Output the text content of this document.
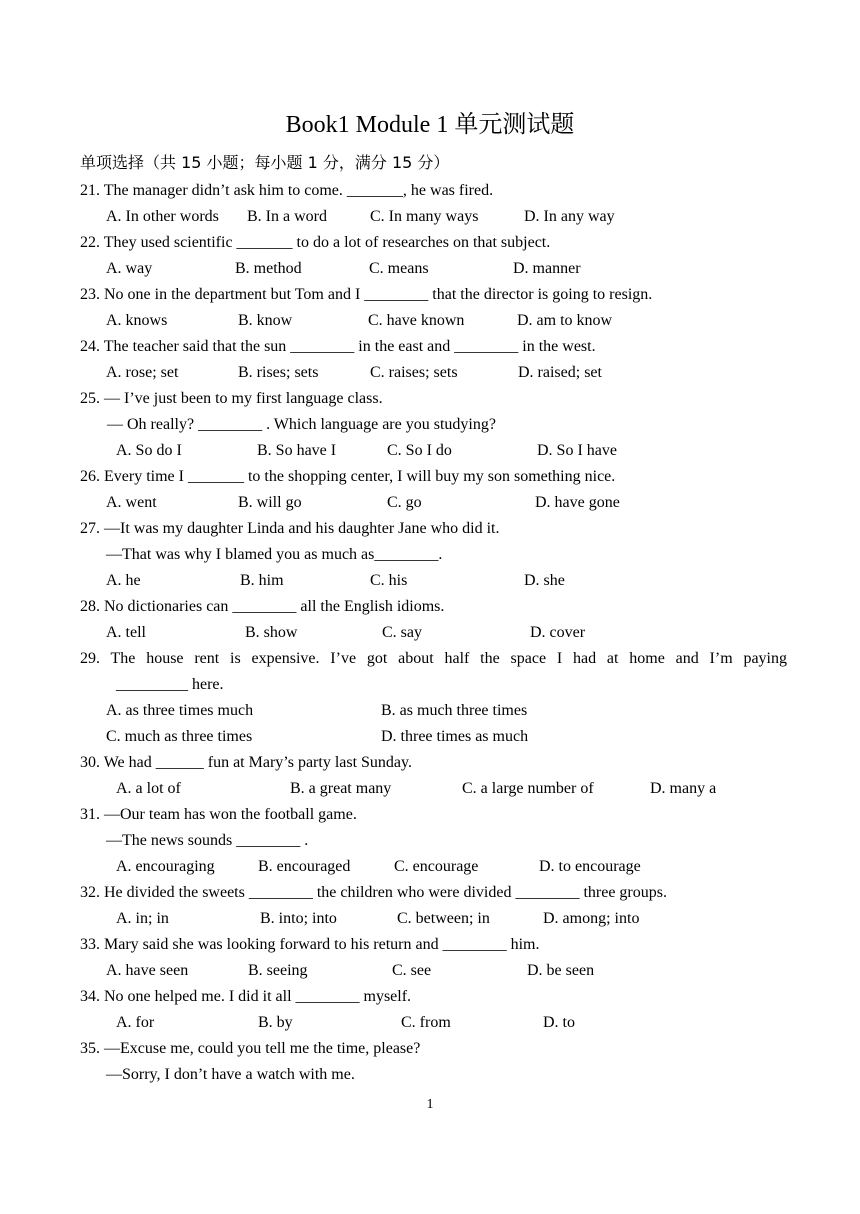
Book1 Module 1 单元测试题
单项选择（共 15 小题；每小题 1 分，满分 15 分）
21. The manager didn’t ask him to come. _______, he was fired.
A. In other words B. In a word	C. In many ways	D. In any way
22. They used scientific _______ to do a lot of researches on that subject.
A. way	B. method	C. means	D. manner
23. No one in the department but Tom and I ________ that the director is going to resign.
A. knows	B. know	C. have known	D. am to know
24. The teacher said that the sun ________ in the east and ________ in the west.
A. rose; set	B. rises; sets	C. raises; sets	D. raised; set
25. — I’ve just been to my first language class.
— Oh really? ________ . Which language are you studying?
A. So do I	B. So have I	C. So I do	D. So I have
26. Every time I _______ to the shopping center, I will buy my son something nice.
A. went	B. will go	C. go	D. have gone
27. —It was my daughter Linda and his daughter Jane who did it.
—That was why I blamed you as much as________.
A. he	B. him	C. his	D. she
28. No dictionaries can ________ all the English idioms.
A. tell	B. show	C. say	D. cover
29. The house rent is expensive. I’ve got about half the space I had at home and I’m paying
_________ here.
A. as three times much	B. as much three times
C. much as three times	D. three times as much
30. We had ______ fun at Mary’s party last Sunday.
A. a lot of	B. a great many	C. a large number of	D. many a
31. —Our team has won the football game.
—The news sounds ________ .
A. encouraging	B. encouraged	C. encourage	D. to encourage
32. He divided the sweets ________ the children who were divided ________ three groups.
A. in; in	B. into; into	C. between; in	D. among; into
33. Mary said she was looking forward to his return and ________ him.
A. have seen	B. seeing	C. see	D. be seen
34. No one helped me. I did it all ________ myself.
A. for	B. by	C. from	D. to
35. —Excuse me, could you tell me the time, please?
—Sorry, I don’t have a watch with me.
1
